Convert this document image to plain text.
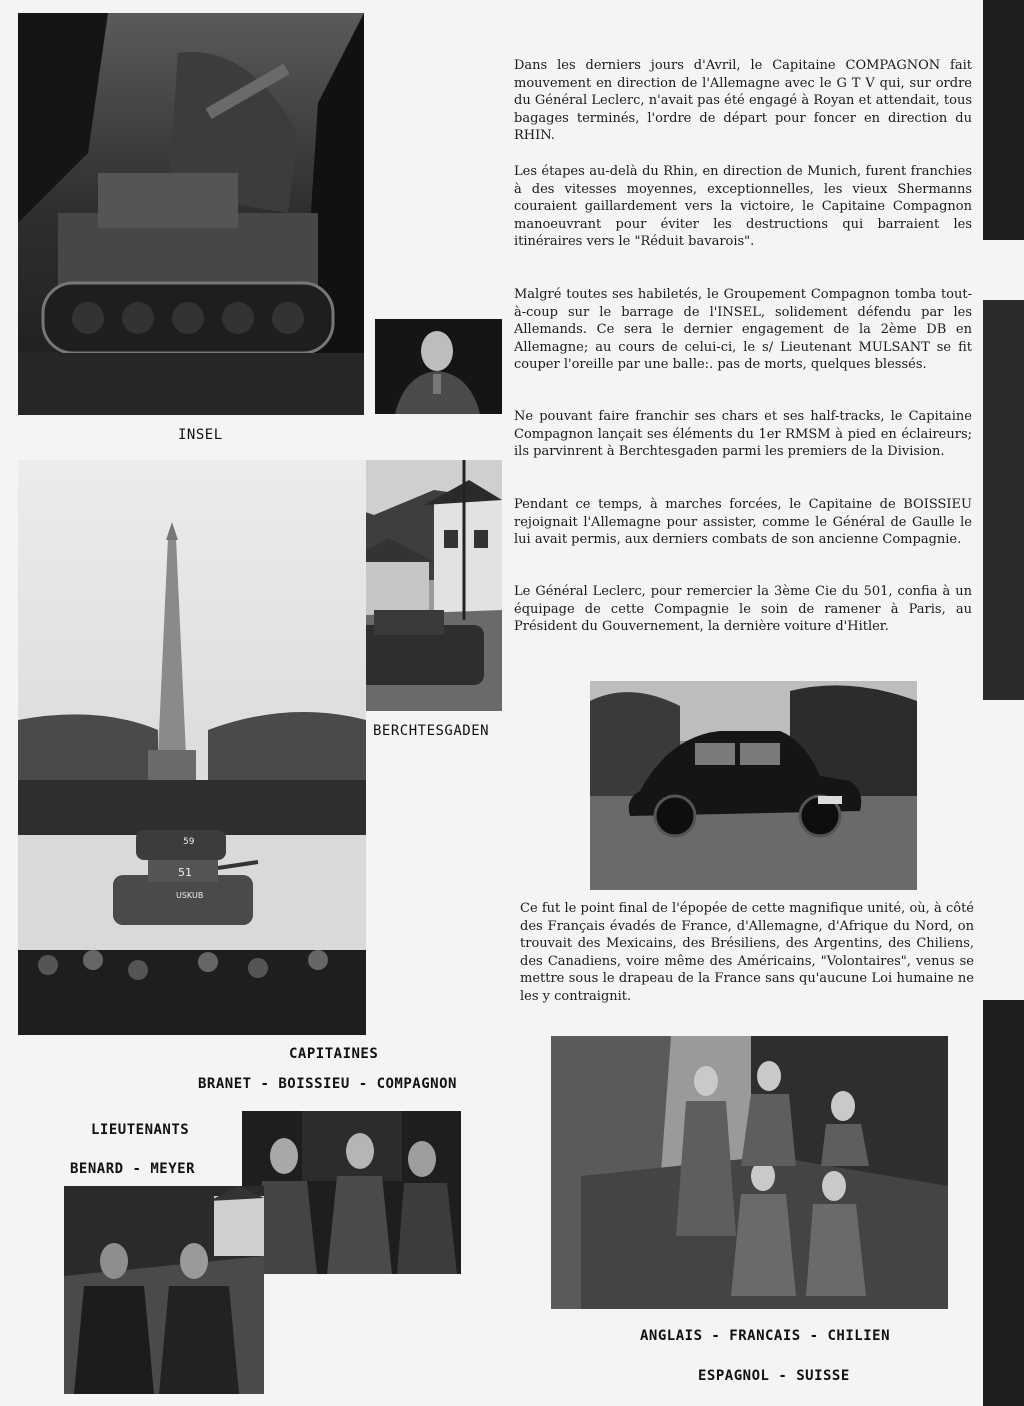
INSEL
BERCHTESGADEN
51
59
USKUB

Dans les derniers jours d'Avril, le Capitaine COMPAGNON fait mouvement en direction de l'Allemagne avec le G T V qui, sur ordre du Général Leclerc, n'avait pas été engagé à Royan et attendait, tous bagages terminés, l'ordre de départ pour foncer en direction du RHIN.

Les étapes au-delà du Rhin, en direction de Munich, furent franchies à des vitesses moyennes, exceptionnelles, les vieux Shermanns couraient gaillardement vers la victoire, le Capitaine Compagnon manoeuvrant pour éviter les destructions qui barraient les itinéraires vers le "Réduit bavarois".

Malgré toutes ses habiletés, le Groupement Compagnon tomba tout-à-coup sur le barrage de l'INSEL, solidement défendu par les Allemands. Ce sera le dernier engagement de la 2ème DB en Allemagne; au cours de celui-ci, le s/ Lieutenant MULSANT se fit couper l'oreille par une balle:. pas de morts, quelques blessés.

Ne pouvant faire franchir ses chars et ses half-tracks, le Capitaine Compagnon lançait ses éléments du 1er RMSM à pied en éclaireurs; ils parvinrent à Berchtesgaden parmi les premiers de la Division.

Pendant ce temps, à marches forcées, le Capitaine de BOISSIEU rejoignait l'Allemagne pour assister, comme le Général de Gaulle le lui avait permis, aux derniers combats de son ancienne Compagnie.

Le Général Leclerc, pour remercier la 3ème Cie du 501, confia à un équipage de cette Compagnie le soin de ramener à Paris, au Président du Gouvernement, la dernière voiture d'Hitler.

Ce fut le point final de l'épopée de cette magnifique unité, où, à côté des Français évadés de France, d'Allemagne, d'Afrique du Nord, on trouvait des Mexicains, des Brésiliens, des Argentins, des Chiliens, des Canadiens, voire même des Américains, "Volontaires", venus se mettre sous le drapeau de la France sans qu'aucune Loi humaine ne les y contraignit.

CAPITAINES
BRANET - BOISSIEU - COMPAGNON
LIEUTENANTS
BENARD - MEYER
ANGLAIS - FRANCAIS - CHILIEN
ESPAGNOL - SUISSE
